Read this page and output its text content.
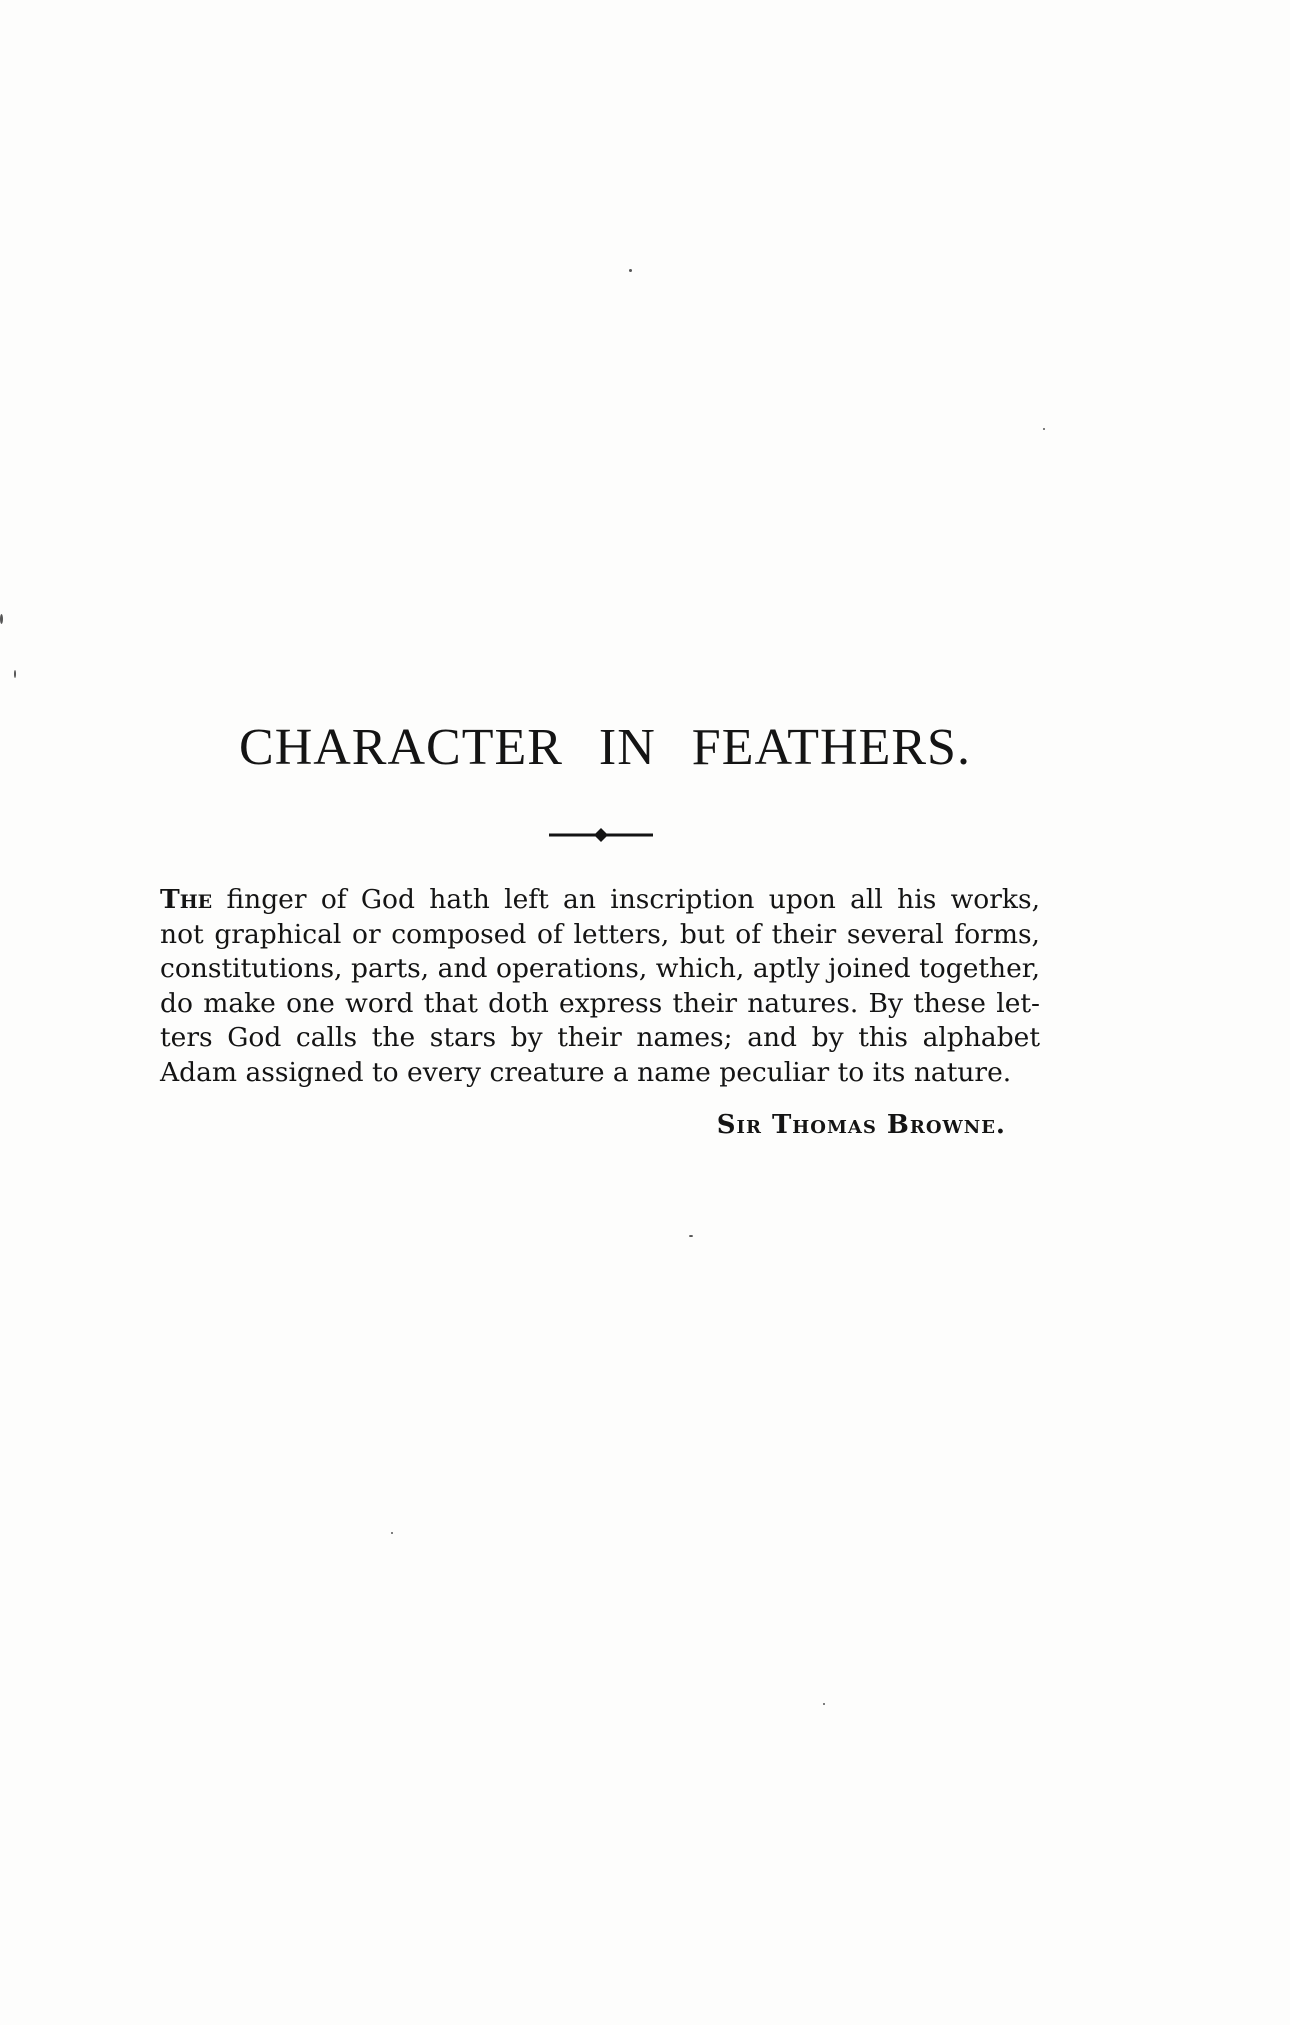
CHARACTER IN FEATHERS.
The finger of God hath left an inscription upon all his works,
not graphical or composed of letters, but of their several forms,
constitutions, parts, and operations, which, aptly joined together,
do make one word that doth express their natures. By these let-
ters God calls the stars by their names; and by this alphabet
Adam assigned to every creature a name peculiar to its nature.
Sir Thomas Browne.
